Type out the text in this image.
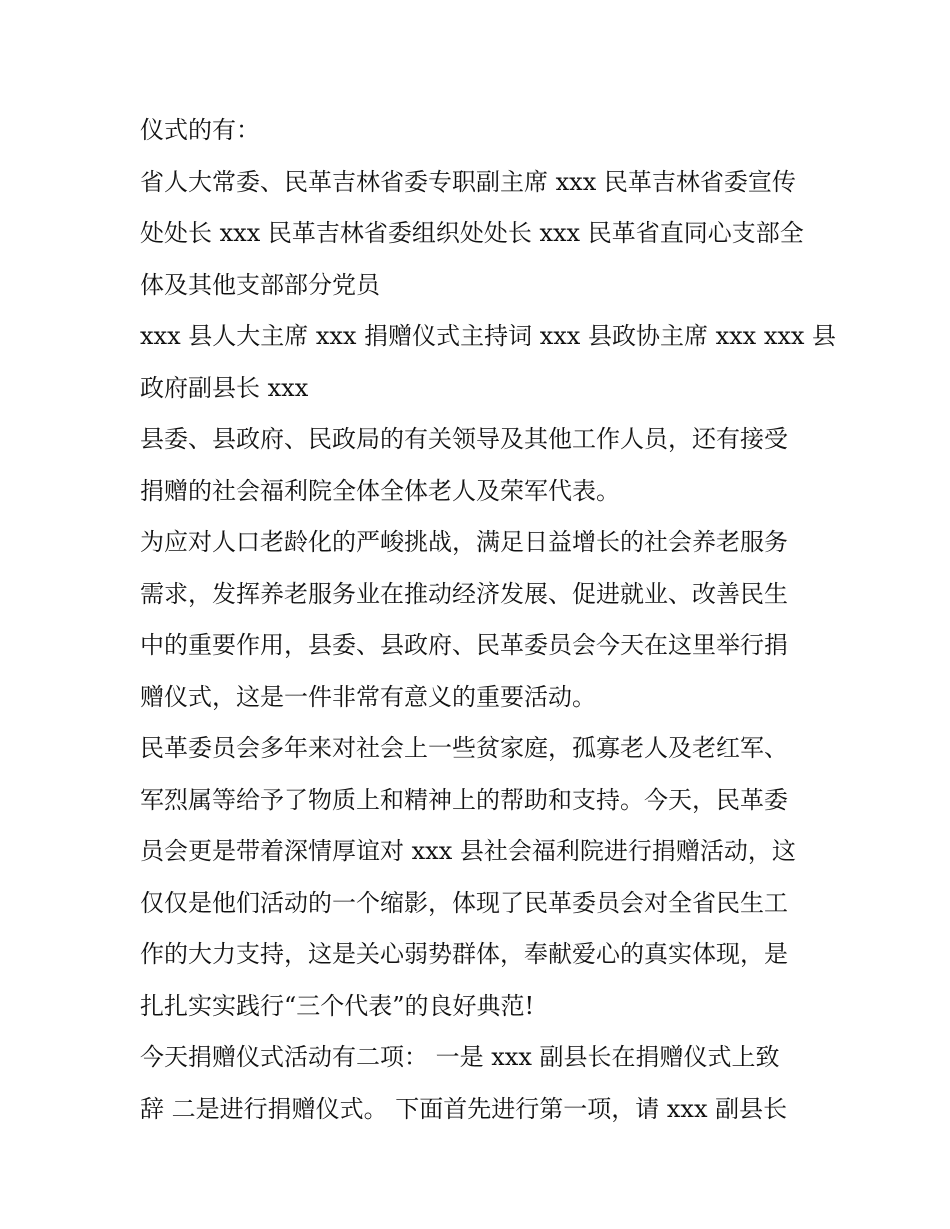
仪式的有：
省人大常委、民革吉林省委专职副主席 xxx 民革吉林省委宣传
处处长 xxx 民革吉林省委组织处处长 xxx 民革省直同心支部全
体及其他支部部分党员
xxx 县人大主席 xxx 捐赠仪式主持词 xxx 县政协主席 xxx xxx 县
政府副县长 xxx
县委、县政府、民政局的有关领导及其他工作人员，还有接受
捐赠的社会福利院全体全体老人及荣军代表。
为应对人口老龄化的严峻挑战，满足日益增长的社会养老服务
需求，发挥养老服务业在推动经济发展、促进就业、改善民生
中的重要作用，县委、县政府、民革委员会今天在这里举行捐
赠仪式，这是一件非常有意义的重要活动。
民革委员会多年来对社会上一些贫家庭，孤寡老人及老红军、
军烈属等给予了物质上和精神上的帮助和支持。今天，民革委
员会更是带着深情厚谊对 xxx 县社会福利院进行捐赠活动，这
仅仅是他们活动的一个缩影，体现了民革委员会对全省民生工
作的大力支持，这是关心弱势群体，奉献爱心的真实体现，是
扎扎实实践行“三个代表”的良好典范!
今天捐赠仪式活动有二项： 一是 xxx 副县长在捐赠仪式上致
辞 二是进行捐赠仪式。 下面首先进行第一项，请 xxx 副县长
